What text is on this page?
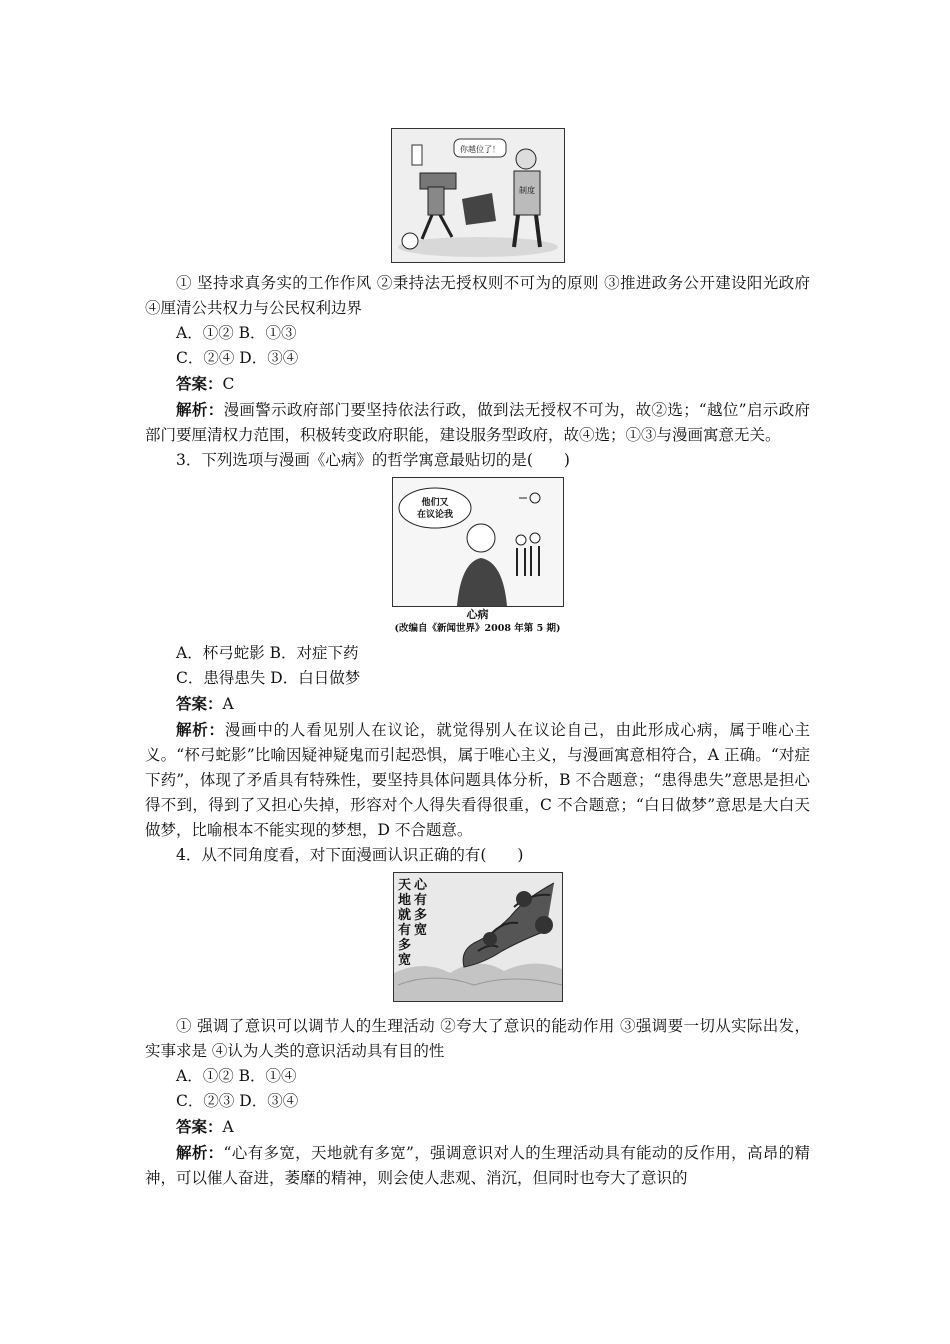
你越位了！
制度

① 坚持求真务实的工作作风 ②秉持法无授权则不可为的原则 ③推进政务公开建设阳光政府 ④厘清公共权力与公民权利边界

A．①② B．①③

C．②④ D．③④

答案：C

解析：漫画警示政府部门要坚持依法行政，做到法无授权不可为，故②选；“越位”启示政府部门要厘清权力范围，积极转变政府职能，建设服务型政府，故④选；①③与漫画寓意无关。

3．下列选项与漫画《心病》的哲学寓意最贴切的是(　　)

他们又
在议论我

心病

(改编自《新闻世界》2008 年第 5 期)

A．杯弓蛇影 B．对症下药

C．患得患失 D．白日做梦

答案：A

解析：漫画中的人看见别人在议论，就觉得别人在议论自己，由此形成心病，属于唯心主义。“杯弓蛇影”比喻因疑神疑鬼而引起恐惧，属于唯心主义，与漫画寓意相符合，A 正确。“对症下药”，体现了矛盾具有特殊性，要坚持具体问题具体分析，B 不合题意；“患得患失”意思是担心得不到，得到了又担心失掉，形容对个人得失看得很重，C 不合题意；“白日做梦”意思是大白天做梦，比喻根本不能实现的梦想，D 不合题意。

4．从不同角度看，对下面漫画认识正确的有(　　)

心有多宽
天地就有多宽

① 强调了意识可以调节人的生理活动 ②夸大了意识的能动作用 ③强调要一切从实际出发，实事求是 ④认为人类的意识活动具有目的性

A．①② B．①④

C．②③ D．③④

答案：A

解析：“心有多宽，天地就有多宽”，强调意识对人的生理活动具有能动的反作用，高昂的精神，可以催人奋进，萎靡的精神，则会使人悲观、消沉，但同时也夸大了意识的
